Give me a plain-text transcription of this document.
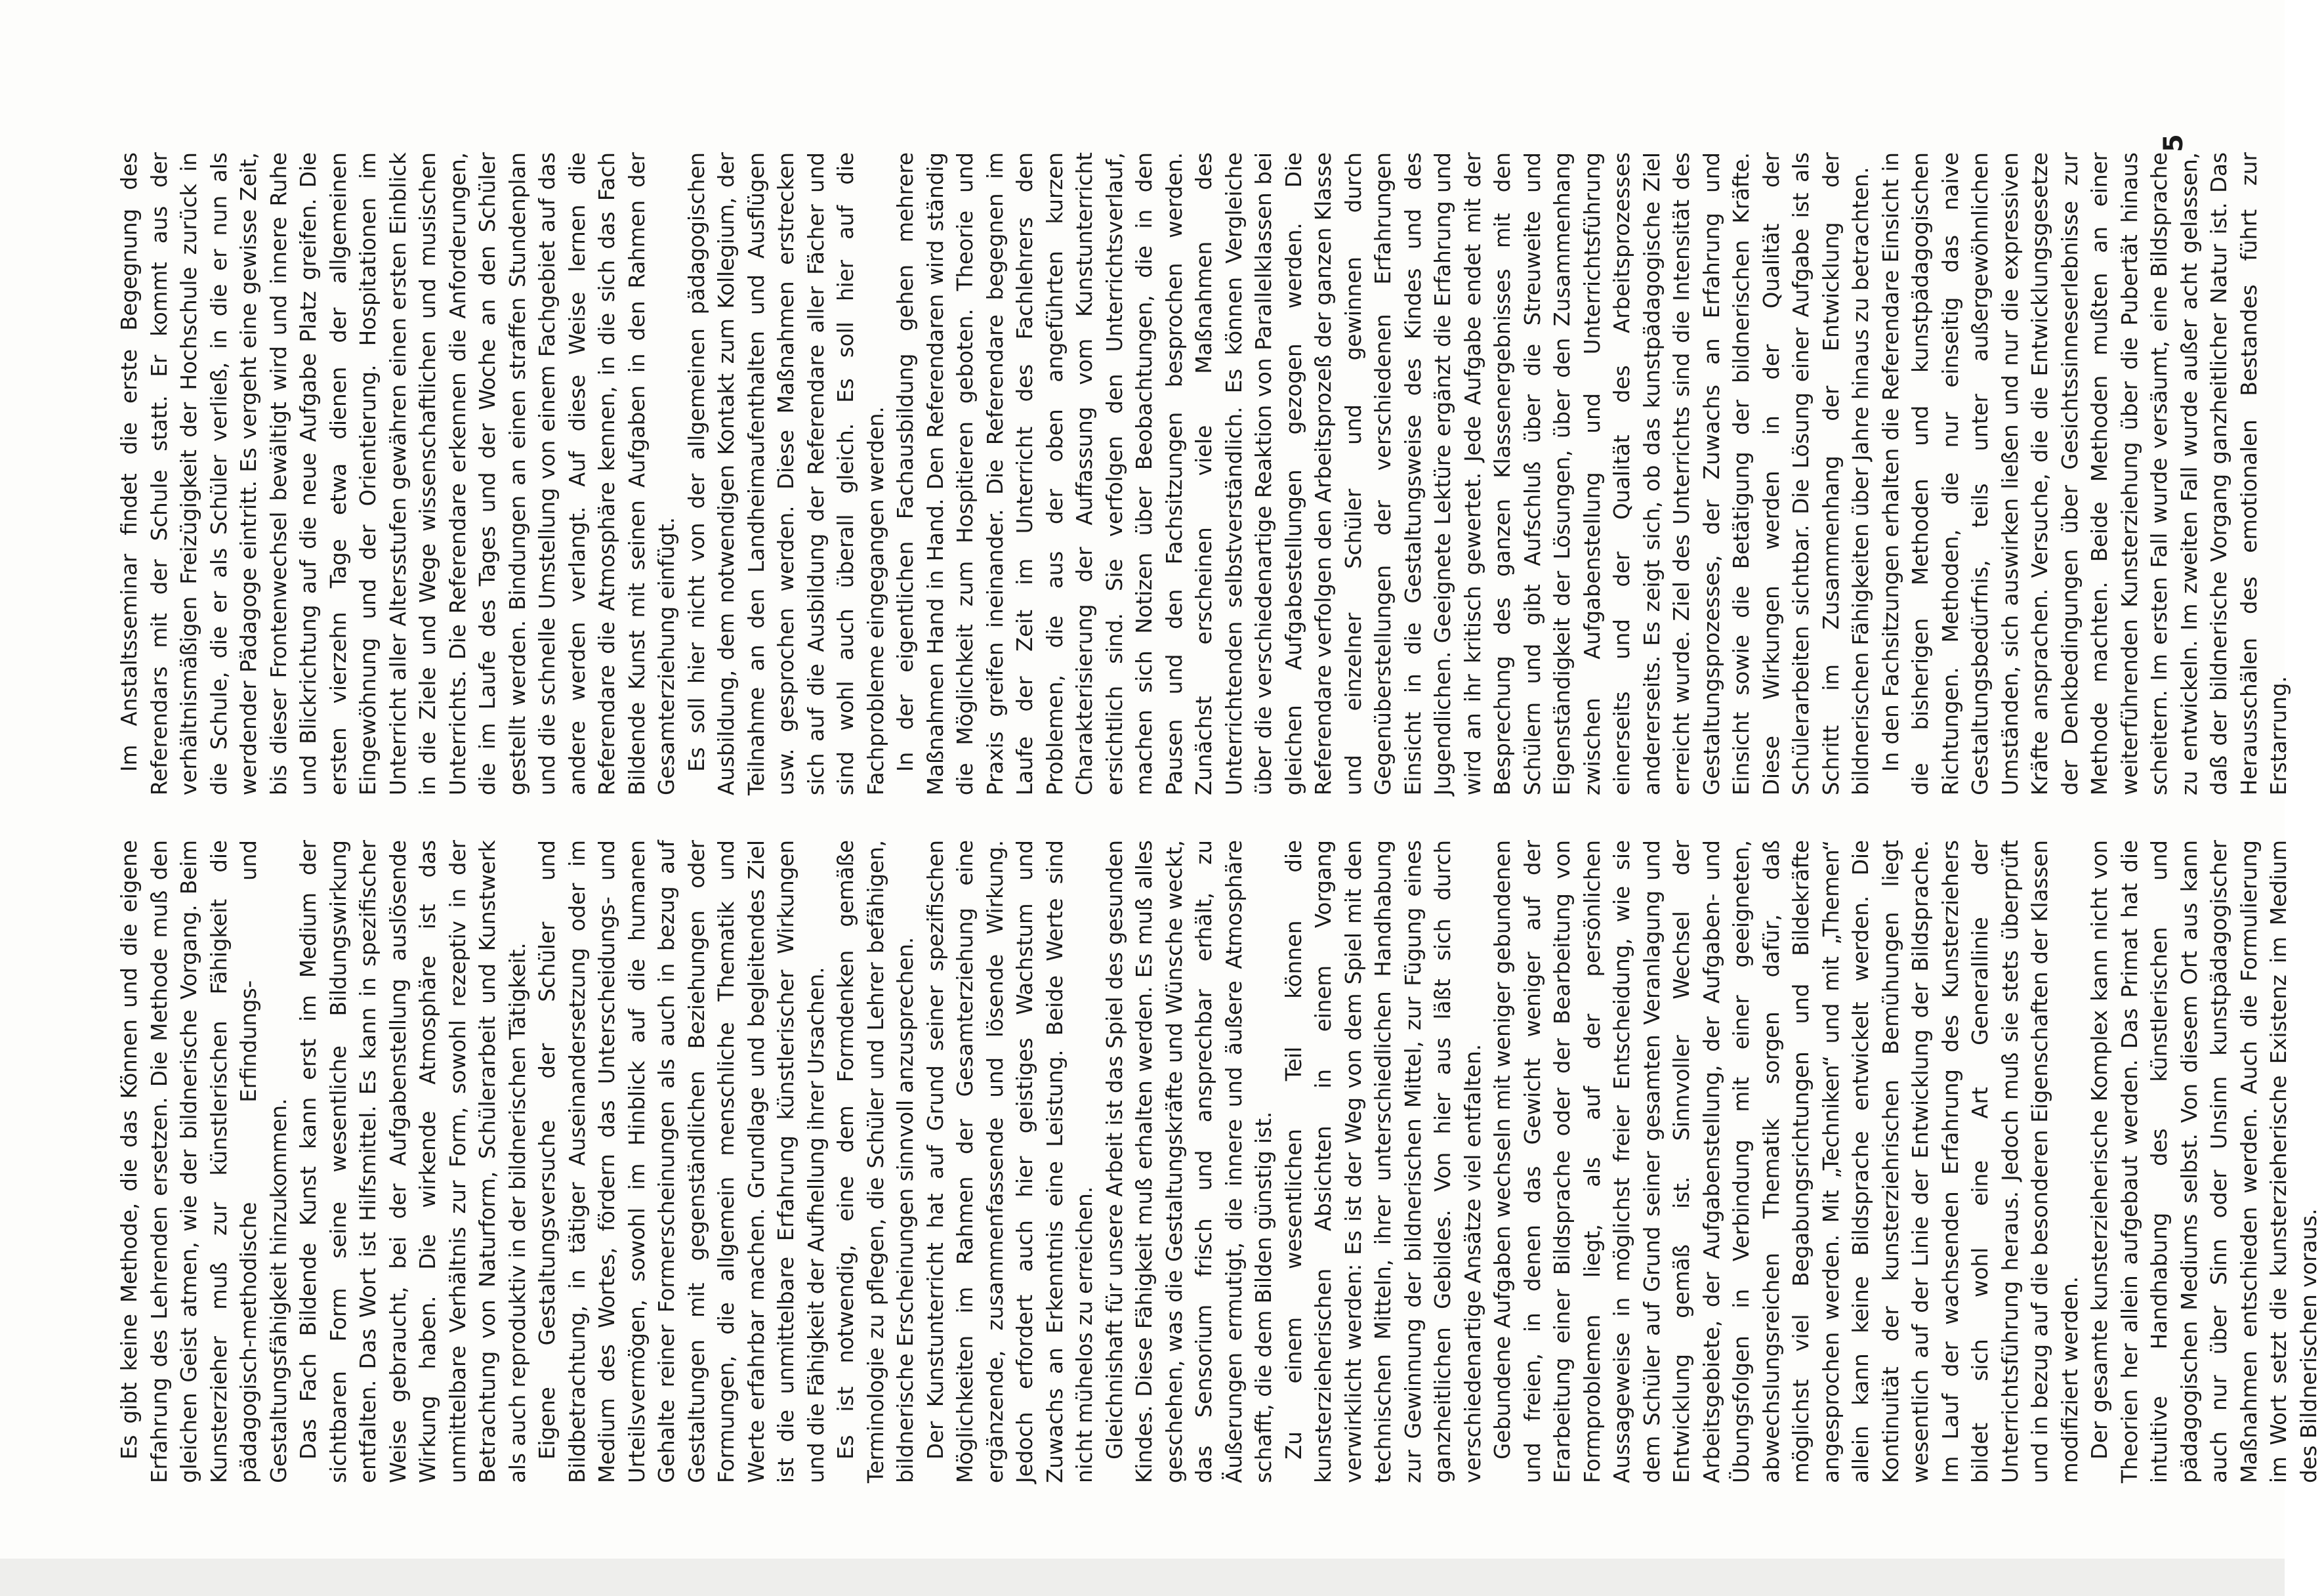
Es gibt keine Methode, die das Können und die eigene Erfahrung des Lehrenden ersetzen. Die Methode muß den gleichen Geist atmen, wie der bildnerische Vorgang. Beim Kunsterzieher muß zur künstlerischen Fähigkeit die pädagogisch-methodische Erfindungs- und Gestaltungsfähigkeit hinzukommen. Das Fach Bildende Kunst kann erst im Medium der sichtbaren Form seine wesentliche Bildungswirkung entfalten. Das Wort ist Hilfsmittel. Es kann in spezifischer Weise gebraucht, bei der Aufgabenstellung auslösende Wirkung haben. Die wirkende Atmosphäre ist das unmittelbare Verhältnis zur Form, sowohl rezeptiv in der Betrachtung von Naturform, Schülerarbeit und Kunstwerk als auch reproduktiv in der bildnerischen Tätigkeit. Eigene Gestaltungsversuche der Schüler und Bildbetrachtung, in tätiger Auseinandersetzung oder im Medium des Wortes, fördern das Unterscheidungs- und Urteilsvermögen, sowohl im Hinblick auf die humanen Gehalte reiner Formerscheinungen als auch in bezug auf Gestaltungen mit gegenständlichen Beziehungen oder Formungen, die allgemein menschliche Thematik und Werte erfahrbar machen. Grundlage und begleitendes Ziel ist die unmittelbare Erfahrung künstlerischer Wirkungen und die Fähigkeit der Aufhellung ihrer Ursachen. Es ist notwendig, eine dem Formdenken gemäße Terminologie zu pflegen, die Schüler und Lehrer befähigen, bildnerische Erscheinungen sinnvoll anzusprechen. Der Kunstunterricht hat auf Grund seiner spezifischen Möglichkeiten im Rahmen der Gesamterziehung eine ergänzende, zusammenfassende und lösende Wirkung. Jedoch erfordert auch hier geistiges Wachstum und Zuwachs an Erkenntnis eine Leistung. Beide Werte sind nicht mühelos zu erreichen. Gleichnishaft für unsere Arbeit ist das Spiel des gesunden Kindes. Diese Fähigkeit muß erhalten werden. Es muß alles geschehen, was die Gestaltungskräfte und Wünsche weckt, das Sensorium frisch und ansprechbar erhält, zu Äußerungen ermutigt, die innere und äußere Atmosphäre schafft, die dem Bilden günstig ist. Zu einem wesentlichen Teil können die kunsterzieherischen Absichten in einem Vorgang verwirklicht werden: Es ist der Weg von dem Spiel mit den technischen Mitteln, ihrer unterschiedlichen Handhabung zur Gewinnung der bildnerischen Mittel, zur Fügung eines ganzheitlichen Gebildes. Von hier aus läßt sich durch verschiedenartige Ansätze viel entfalten. Gebundene Aufgaben wechseln mit weniger gebundenen und freien, in denen das Gewicht weniger auf der Erarbeitung einer Bildsprache oder der Bearbeitung von Formproblemen liegt, als auf der persönlichen Aussageweise in möglichst freier Entscheidung, wie sie dem Schüler auf Grund seiner gesamten Veranlagung und Entwicklung gemäß ist. Sinnvoller Wechsel der Arbeitsgebiete, der Aufgabenstellung, der Aufgaben- und Übungsfolgen in Verbindung mit einer geeigneten, abwechslungsreichen Thematik sorgen dafür, daß möglichst viel Begabungsrichtungen und Bildekräfte angesprochen werden. Mit „Techniken“ und mit „Themen“ allein kann keine Bildsprache entwickelt werden. Die Kontinuität der kunsterziehrischen Bemühungen liegt wesentlich auf der Linie der Entwicklung der Bildsprache. Im Lauf der wachsenden Erfahrung des Kunsterziehers bildet sich wohl eine Art Generallinie der Unterrichtsführung heraus. Jedoch muß sie stets überprüft und in bezug auf die besonderen Eigenschaften der Klassen modifiziert werden. Der gesamte kunsterzieherische Komplex kann nicht von Theorien her allein aufgebaut werden. Das Primat hat die intuitive Handhabung des künstlerischen und pädagogischen Mediums selbst. Von diesem Ort aus kann auch nur über Sinn oder Unsinn kunstpädagogischer Maßnahmen entschieden werden. Auch die Formulierung im Wort setzt die kunsterzieherische Existenz im Medium des Bildnerischen voraus.

Im Anstaltsseminar findet die erste Begegnung des Referendars mit der Schule statt. Er kommt aus der verhältnismäßigen Freizügigkeit der Hochschule zurück in die Schule, die er als Schüler verließ, in die er nun als werdender Pädagoge eintritt. Es vergeht eine gewisse Zeit, bis dieser Frontenwechsel bewältigt wird und innere Ruhe und Blickrichtung auf die neue Aufgabe Platz greifen. Die ersten vierzehn Tage etwa dienen der allgemeinen Eingewöhnung und der Orientierung. Hospitationen im Unterricht aller Altersstufen gewähren einen ersten Einblick in die Ziele und Wege wissenschaftlichen und musischen Unterrichts. Die Referendare erkennen die Anforderungen, die im Laufe des Tages und der Woche an den Schüler gestellt werden. Bindungen an einen straffen Stundenplan und die schnelle Umstellung von einem Fachgebiet auf das andere werden verlangt. Auf diese Weise lernen die Referendare die Atmosphäre kennen, in die sich das Fach Bildende Kunst mit seinen Aufgaben in den Rahmen der Gesamterziehung einfügt. Es soll hier nicht von der allgemeinen pädagogischen Ausbildung, dem notwendigen Kontakt zum Kollegium, der Teilnahme an den Landheimaufenthalten und Ausflügen usw. gesprochen werden. Diese Maßnahmen erstrecken sich auf die Ausbildung der Referendare aller Fächer und sind wohl auch überall gleich. Es soll hier auf die Fachprobleme eingegangen werden. In der eigentlichen Fachausbildung gehen mehrere Maßnahmen Hand in Hand. Den Referendaren wird ständig die Möglichkeit zum Hospitieren geboten. Theorie und Praxis greifen ineinander. Die Referendare begegnen im Laufe der Zeit im Unterricht des Fachlehrers den Problemen, die aus der oben angeführten kurzen Charakterisierung der Auffassung vom Kunstunterricht ersichtlich sind. Sie verfolgen den Unterrichtsverlauf, machen sich Notizen über Beobachtungen, die in den Pausen und den Fachsitzungen besprochen werden. Zunächst erscheinen viele Maßnahmen des Unterrichtenden selbstverständlich. Es können Vergleiche über die verschiedenartige Reaktion von Parallelklassen bei gleichen Aufgabestellungen gezogen werden. Die Referendare verfolgen den Arbeitsprozeß der ganzen Klasse und einzelner Schüler und gewinnen durch Gegenüberstellungen der verschiedenen Erfahrungen Einsicht in die Gestaltungsweise des Kindes und des Jugendlichen. Geeignete Lektüre ergänzt die Erfahrung und wird an ihr kritisch gewertet. Jede Aufgabe endet mit der Besprechung des ganzen Klassenergebnisses mit den Schülern und gibt Aufschluß über die Streuweite und Eigenständigkeit der Lösungen, über den Zusammenhang zwischen Aufgabenstellung und Unterrichtsführung einerseits und der Qualität des Arbeitsprozesses andererseits. Es zeigt sich, ob das kunstpädagogische Ziel erreicht wurde. Ziel des Unterrichts sind die Intensität des Gestaltungsprozesses, der Zuwachs an Erfahrung und Einsicht sowie die Betätigung der bildnerischen Kräfte. Diese Wirkungen werden in der Qualität der Schülerarbeiten sichtbar. Die Lösung einer Aufgabe ist als Schritt im Zusammenhang der Entwicklung der bildnerischen Fähigkeiten über Jahre hinaus zu betrachten. In den Fachsitzungen erhalten die Referendare Einsicht in die bisherigen Methoden und kunstpädagogischen Richtungen. Methoden, die nur einseitig das naive Gestaltungsbedürfnis, teils unter außergewöhnlichen Umständen, sich auswirken ließen und nur die expressiven Kräfte ansprachen. Versuche, die die Entwicklungsgesetze der Denkbedingungen über Gesichtssinneserlebnisse zur Methode machten. Beide Methoden mußten an einer weiterführenden Kunsterziehung über die Pubertät hinaus scheitern. Im ersten Fall wurde versäumt, eine Bildsprache zu entwickeln. Im zweiten Fall wurde außer acht gelassen, daß der bildnerische Vorgang ganzheitlicher Natur ist. Das Herausschälen des emotionalen Bestandes führt zur Erstarrung.

5
